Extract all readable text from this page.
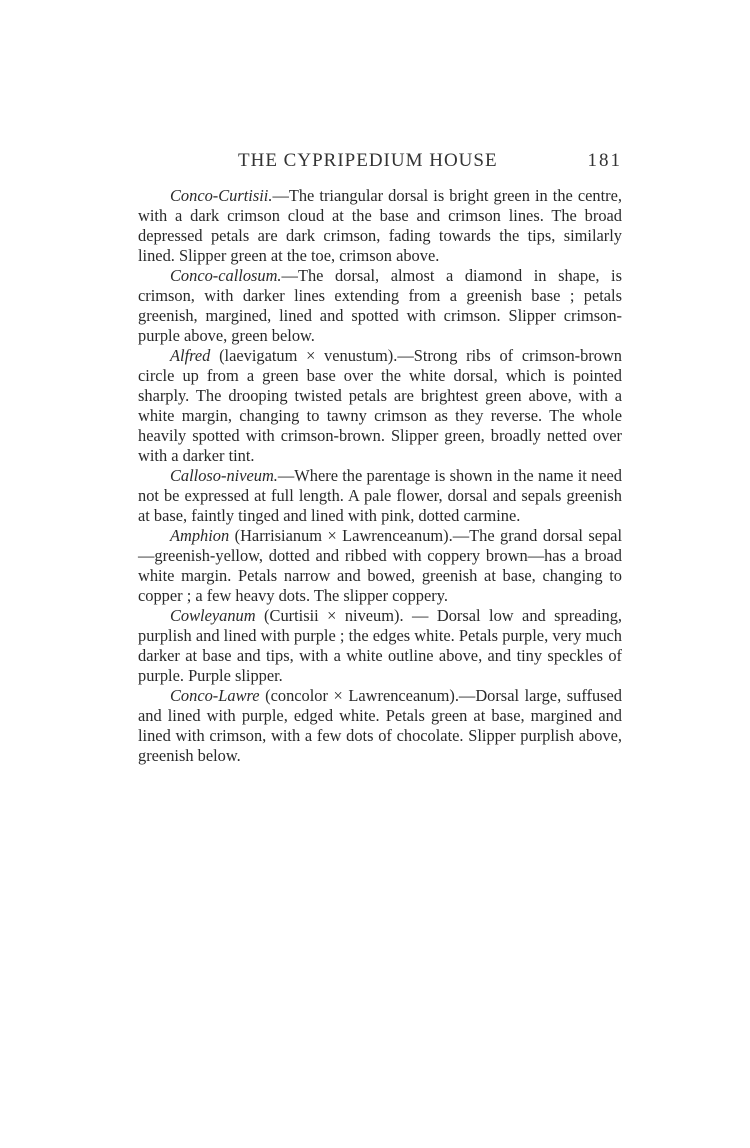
THE CYPRIPEDIUM HOUSE	181

Conco-Curtisii.—The triangular dorsal is bright green in the centre, with a dark crimson cloud at the base and crimson lines. The broad depressed petals are dark crimson, fading towards the tips, similarly lined. Slipper green at the toe, crimson above.

Conco-callosum.—The dorsal, almost a diamond in shape, is crimson, with darker lines extending from a greenish base ; petals greenish, margined, lined and spotted with crimson. Slipper crimson-purple above, green below.

Alfred (laevigatum × venustum).—Strong ribs of crimson-brown circle up from a green base over the white dorsal, which is pointed sharply. The drooping twisted petals are brightest green above, with a white margin, changing to tawny crimson as they reverse. The whole heavily spotted with crimson-brown. Slipper green, broadly netted over with a darker tint.

Calloso-niveum.—Where the parentage is shown in the name it need not be expressed at full length. A pale flower, dorsal and sepals greenish at base, faintly tinged and lined with pink, dotted carmine.

Amphion (Harrisianum × Lawrenceanum).—The grand dorsal sepal—greenish-yellow, dotted and ribbed with coppery brown—has a broad white margin. Petals narrow and bowed, greenish at base, changing to copper ; a few heavy dots. The slipper coppery.

Cowleyanum (Curtisii × niveum). — Dorsal low and spreading, purplish and lined with purple ; the edges white. Petals purple, very much darker at base and tips, with a white outline above, and tiny speckles of purple. Purple slipper.

Conco-Lawre (concolor × Lawrenceanum).—Dorsal large, suffused and lined with purple, edged white. Petals green at base, margined and lined with crimson, with a few dots of chocolate. Slipper purplish above, greenish below.
